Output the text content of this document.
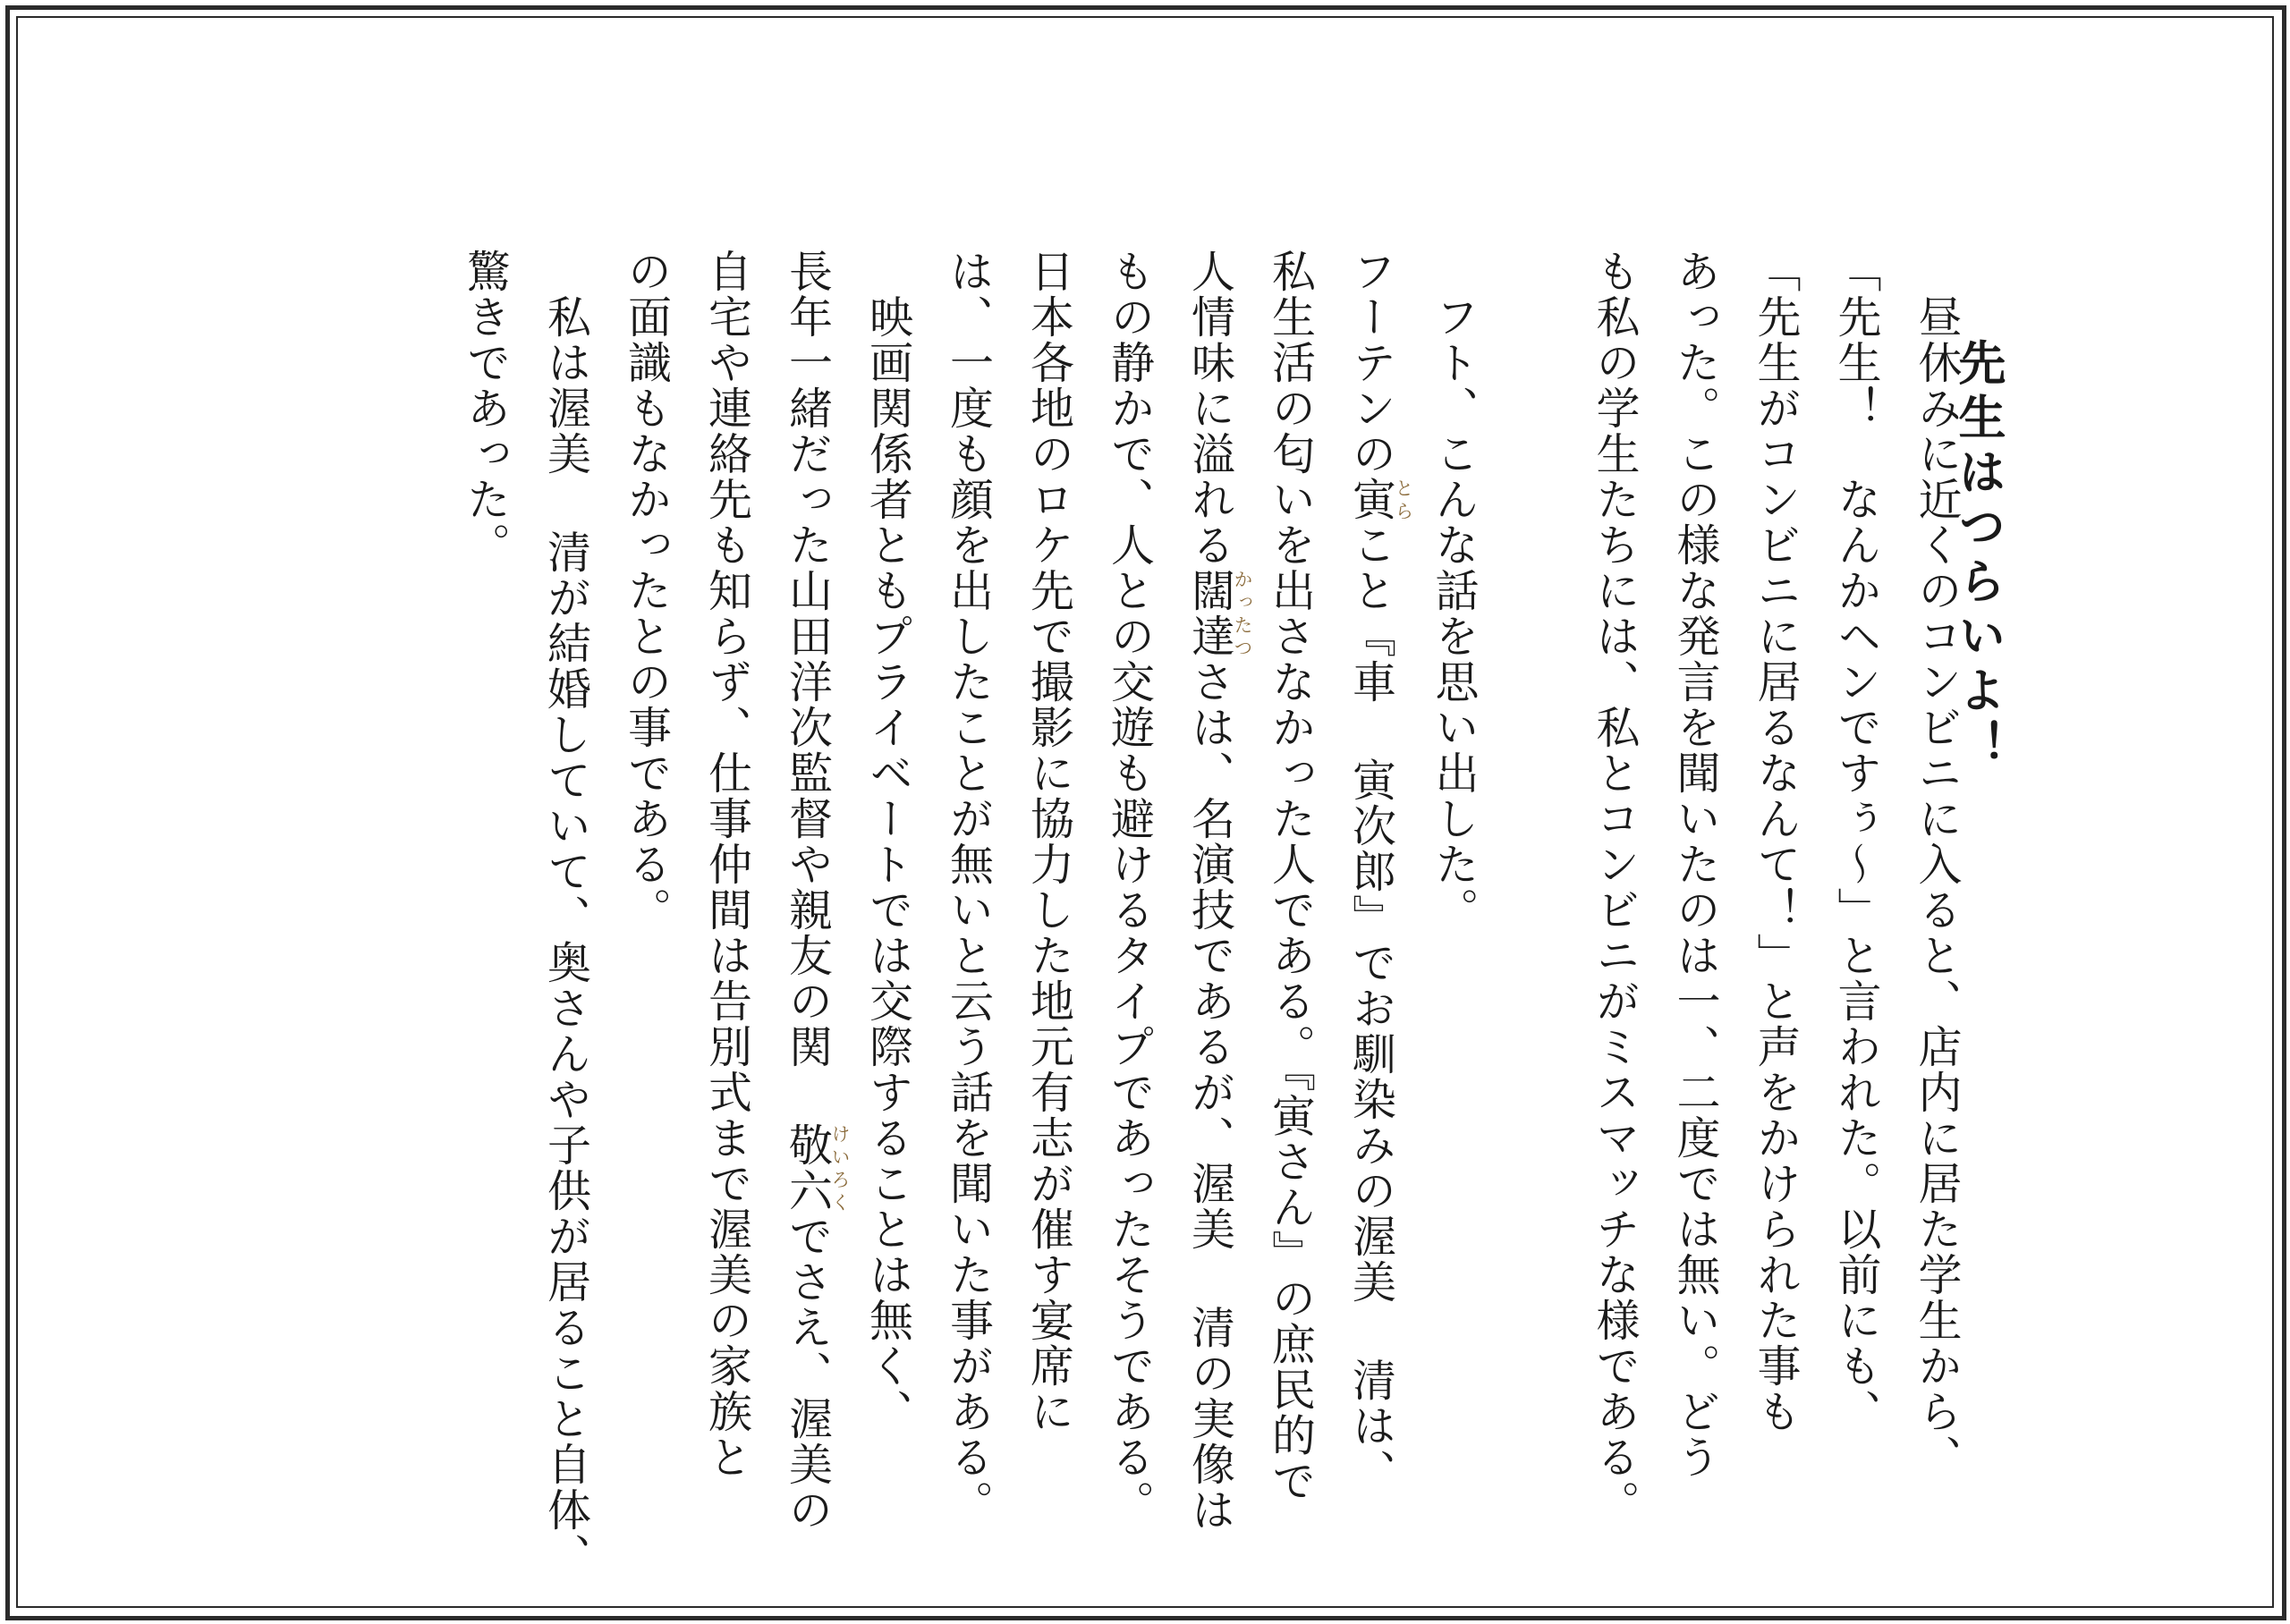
先生はつらいよ！
　昼休みに近くのコンビニに入ると、店内に居た学生から、
「先生！　なんかヘンですぅ〜」と言われた。以前にも、
「先生がコンビニに居るなんて！」と声をかけられた事も
あった。この様な発言を聞いたのは一、二度では無い。どう
も私の学生たちには、私とコンビニがミスマッチな様である。
　フト、こんな話を思い出した。
フーテンの寅とらこと『車 寅次郎』でお馴染みの渥美 清は、
私生活の匂いを出さなかった人である。『寅さん』の庶民的で
人情味に溢れる闊達かったつさは、名演技であるが、渥美 清の実像は
もの静かで、人との交遊も避けるタイプであったそうである。
日本各地のロケ先で撮影に協力した地元有志が催す宴席に
は、一度も顔を出したことが無いと云う話を聞いた事がある。
　映画関係者ともプライベートでは交際することは無く、
長年一緒だった山田洋次監督や親友の関 敬六けいろくでさえ、渥美の
自宅や連絡先も知らず、仕事仲間は告別式まで渥美の家族と
の面識もなかったとの事である。
　私は渥美 清が結婚していて、奥さんや子供が居ること自体、
驚きであった。
